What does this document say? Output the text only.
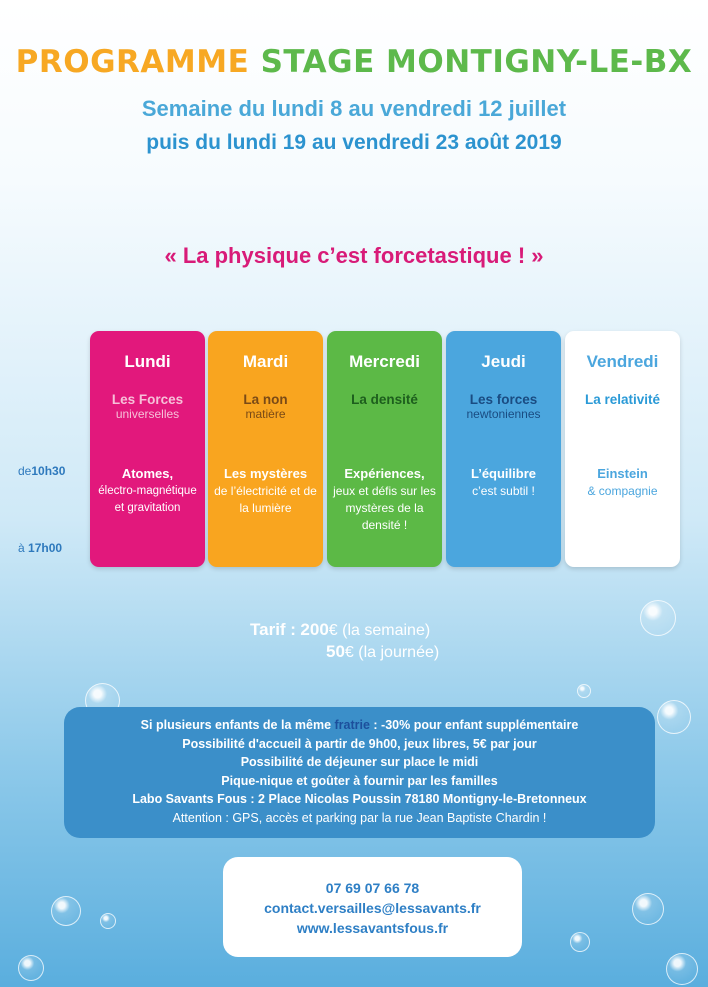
PROGRAMME STAGE MONTIGNY-LE-BX
Semaine du lundi 8 au vendredi 12 juillet
puis du lundi 19 au vendredi 23 août 2019
« La physique c’est forcetastique ! »
de10h30
à 17h00
Lundi
Les Forces
universelles
Atomes,
électro-magnétique et gravitation
Mardi
La non
matière
Les mystères
de l’électricité et de la lumière
Mercredi
La densité
Expériences,
jeux et défis sur les mystères de la densité !
Jeudi
Les forces
newtoniennes
L’équilibre
c’est subtil !
Vendredi
La relativité
Einstein
& compagnie
Tarif : 200€ (la semaine)
50€ (la journée)
Si plusieurs enfants de la même fratrie : -30% pour enfant supplémentaire
Possibilité d'accueil à partir de 9h00, jeux libres, 5€ par jour
Possibilité de déjeuner sur place le midi
Pique-nique et goûter à fournir par les familles
Labo Savants Fous : 2 Place Nicolas Poussin 78180 Montigny-le-Bretonneux
Attention : GPS, accès et parking par la rue Jean Baptiste Chardin !
07 69 07 66 78
contact.versailles@lessavants.fr
www.lessavantsfous.fr
